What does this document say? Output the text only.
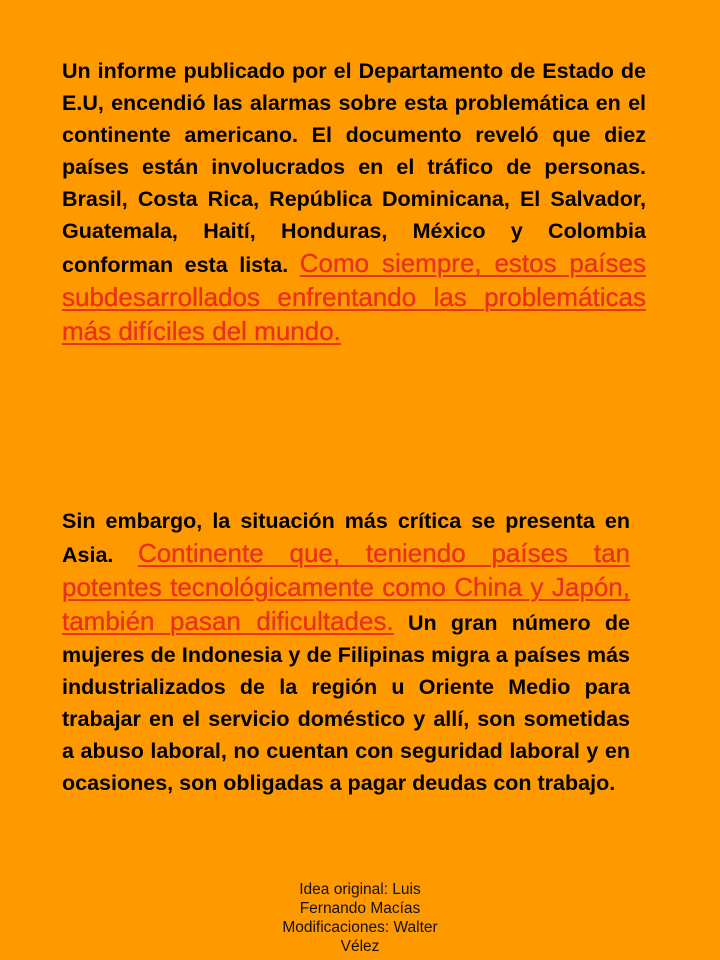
Un informe publicado por el Departamento de Estado de E.U, encendió las alarmas sobre esta problemática en el continente americano. El documento reveló que diez países están involucrados en el tráfico de personas. Brasil, Costa Rica, República Dominicana, El Salvador, Guatemala, Haití, Honduras, México y Colombia conforman esta lista. Como siempre, estos países subdesarrollados enfrentando las problemáticas más difíciles del mundo.

Sin embargo, la situación más crítica se presenta en Asia. Continente que, teniendo países tan potentes tecnológicamente como China y Japón, también pasan dificultades. Un gran número de mujeres de Indonesia y de Filipinas migra a países más industrializados de la región u Oriente Medio para trabajar en el servicio doméstico y allí, son sometidas a abuso laboral, no cuentan con seguridad laboral y en ocasiones, son obligadas a pagar deudas con trabajo.

Idea original: Luis
Fernando Macías
Modificaciones: Walter
Vélez
